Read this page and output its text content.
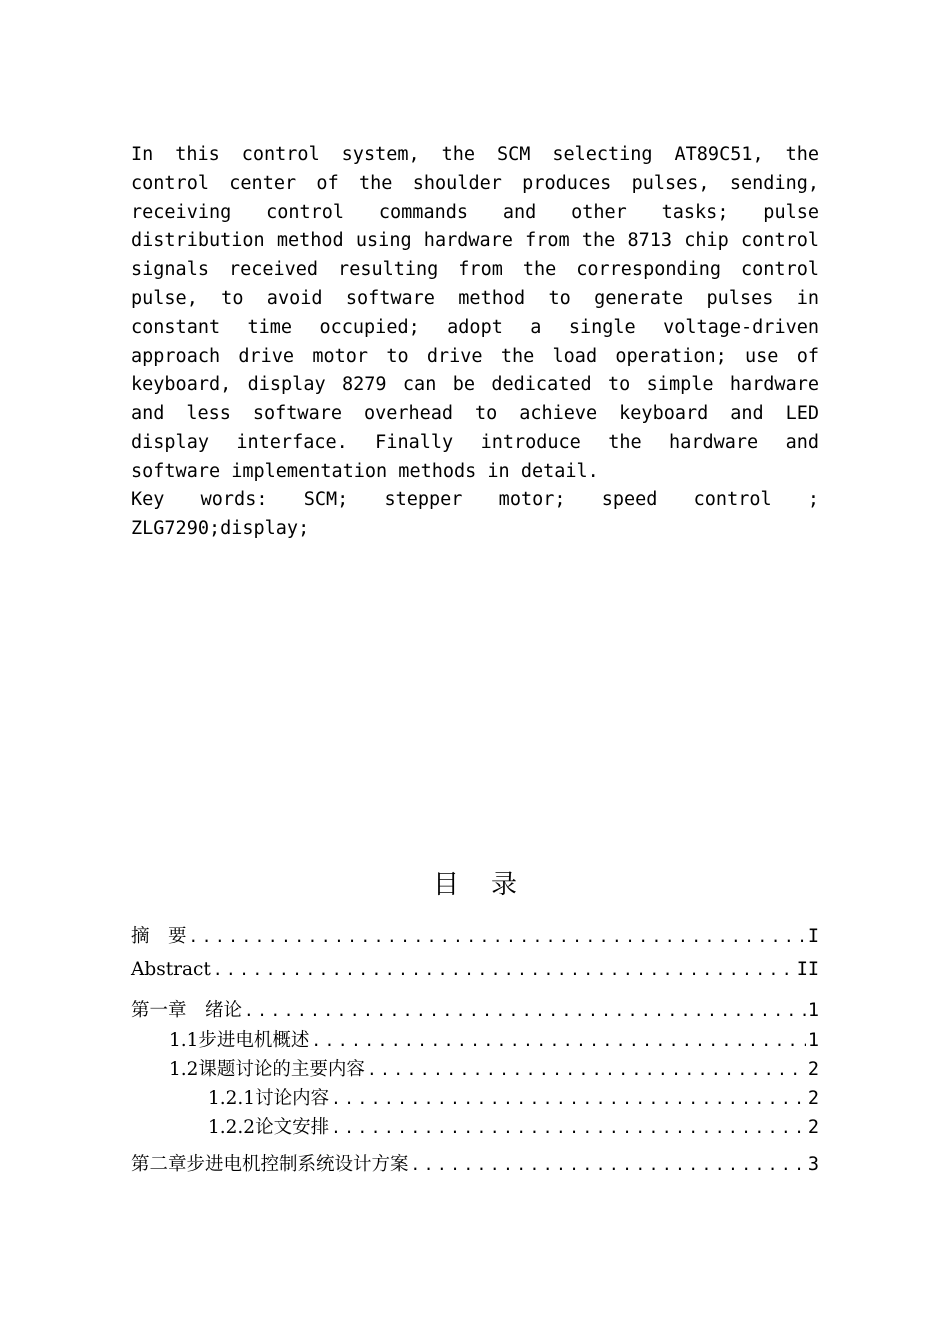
In this control system, the SCM selecting AT89C51, the control center of the shoulder produces pulses, sending, receiving control commands and other tasks; pulse distribution method using hardware from the 8713 chip control signals received resulting from the corresponding control pulse, to avoid software method to generate pulses in constant time occupied; adopt a single voltage-driven approach drive motor to drive the load operation; use of keyboard, display 8279 can be dedicated to simple hardware and less software overhead to achieve keyboard and LED display interface. Finally introduce the hardware and software implementation methods in detail.

Key words: SCM; stepper motor; speed control ; ZLG7290;display;

目录
摘　要 .....	I
Abstract .....	II
第一章　绪论 .....	1
1.1步进电机概述 .....	1
1.2课题讨论的主要内容 .....	2
1.2.1讨论内容 .....	2
1.2.2论文安排 .....	2
第二章步进电机控制系统设计方案 .....	3
